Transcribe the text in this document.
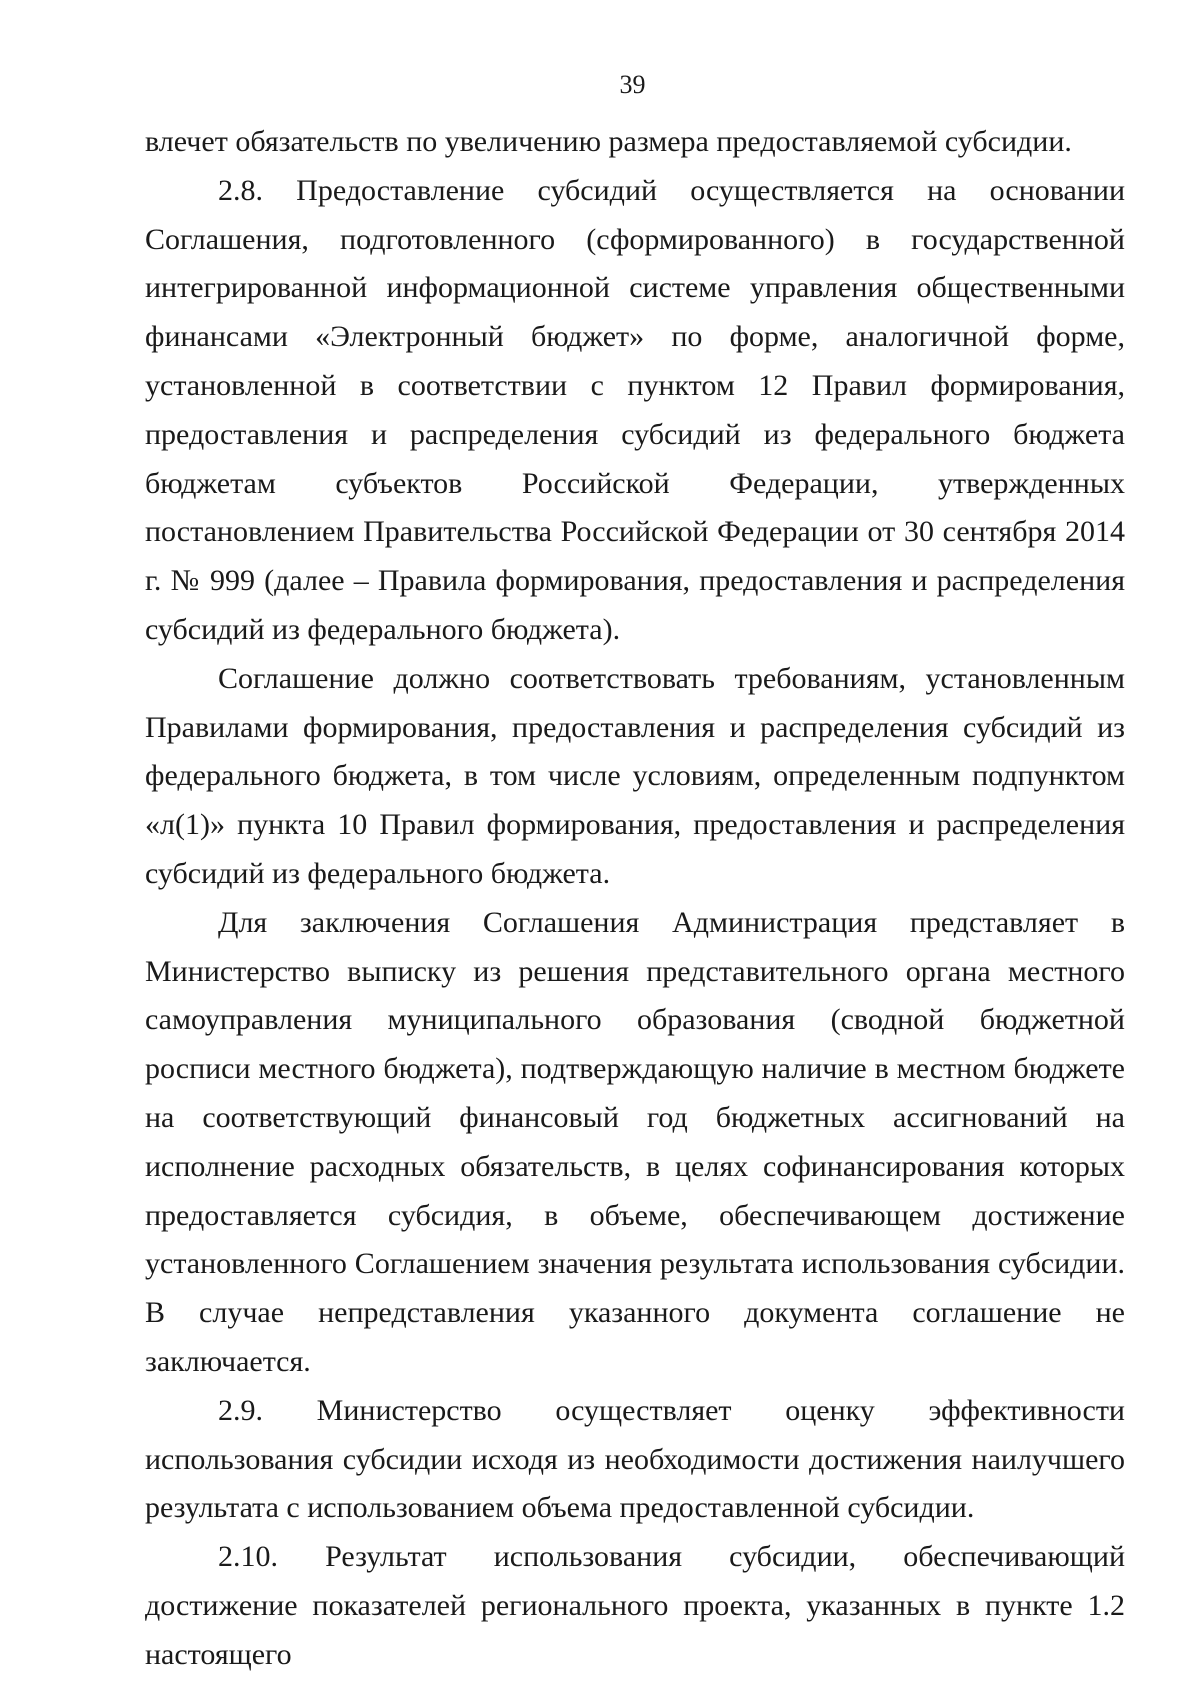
39

влечет обязательств по увеличению размера предоставляемой субсидии.

2.8. Предоставление субсидий осуществляется на основании Соглашения, подготовленного (сформированного) в государственной интегрированной информационной системе управления общественными финансами «Электронный бюджет» по форме, аналогичной форме, установленной в соответствии с пунктом 12 Правил формирования, предоставления и распределения субсидий из федерального бюджета бюджетам субъектов Российской Федерации, утвержденных постановлением Правительства Российской Федерации от 30 сентября 2014 г. № 999 (далее – Правила формирования, предоставления и распределения субсидий из федерального бюджета).

Соглашение должно соответствовать требованиям, установленным Правилами формирования, предоставления и распределения субсидий из федерального бюджета, в том числе условиям, определенным подпунктом «л(1)» пункта 10 Правил формирования, предоставления и распределения субсидий из федерального бюджета.

Для заключения Соглашения Администрация представляет в Министерство выписку из решения представительного органа местного самоуправления муниципального образования (сводной бюджетной росписи местного бюджета), подтверждающую наличие в местном бюджете на соответствующий финансовый год бюджетных ассигнований на исполнение расходных обязательств, в целях софинансирования которых предоставляется субсидия, в объеме, обеспечивающем достижение установленного Соглашением значения результата использования субсидии. В случае непредставления указанного документа соглашение не заключается.

2.9. Министерство осуществляет оценку эффективности использования субсидии исходя из необходимости достижения наилучшего результата с использованием объема предоставленной субсидии.

2.10. Результат использования субсидии, обеспечивающий достижение показателей регионального проекта, указанных в пункте 1.2 настоящего
